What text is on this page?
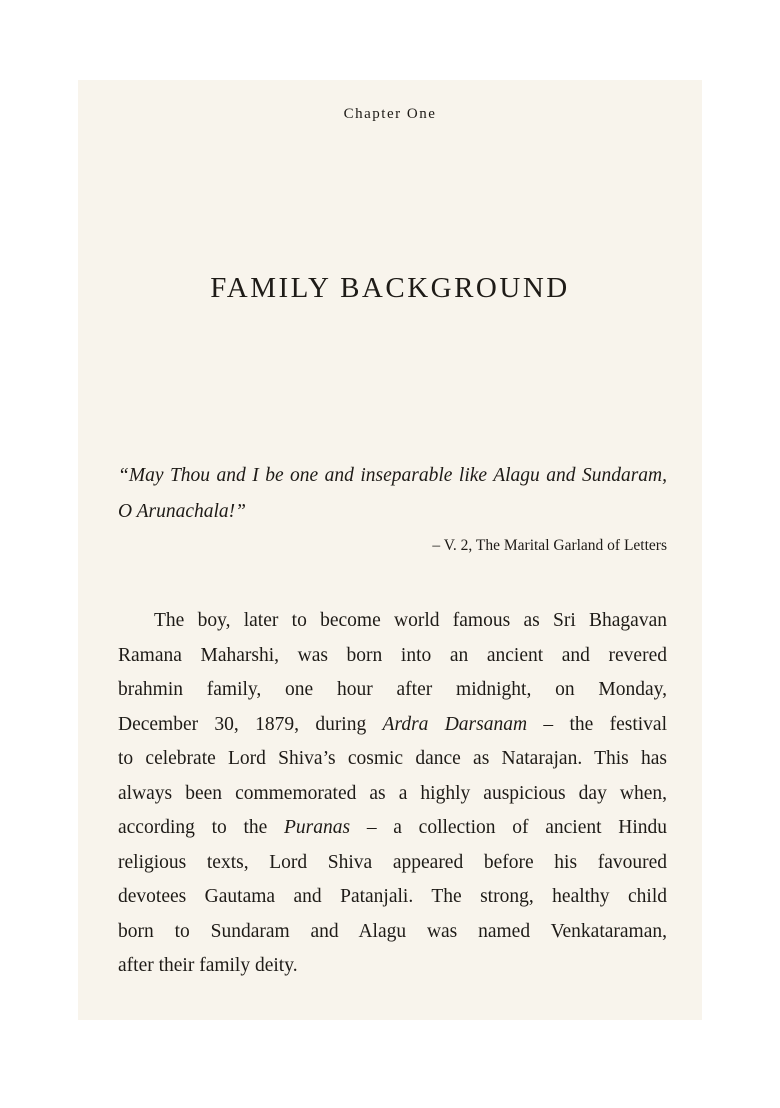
Chapter One
FAMILY BACKGROUND

“May Thou and I be one and inseparable like Alagu and Sundaram, O Arunachala!”

– V. 2, The Marital Garland of Letters

The boy, later to become world famous as Sri Bhagavan
Ramana Maharshi, was born into an ancient and revered
brahmin family, one hour after midnight, on Monday,
December 30, 1879, during Ardra Darsanam – the festival
to celebrate Lord Shiva’s cosmic dance as Natarajan. This has
always been commemorated as a highly auspicious day when,
according to the Puranas – a collection of ancient Hindu
religious texts, Lord Shiva appeared before his favoured
devotees Gautama and Patanjali. The strong, healthy child
born to Sundaram and Alagu was named Venkataraman,
after their family deity.
